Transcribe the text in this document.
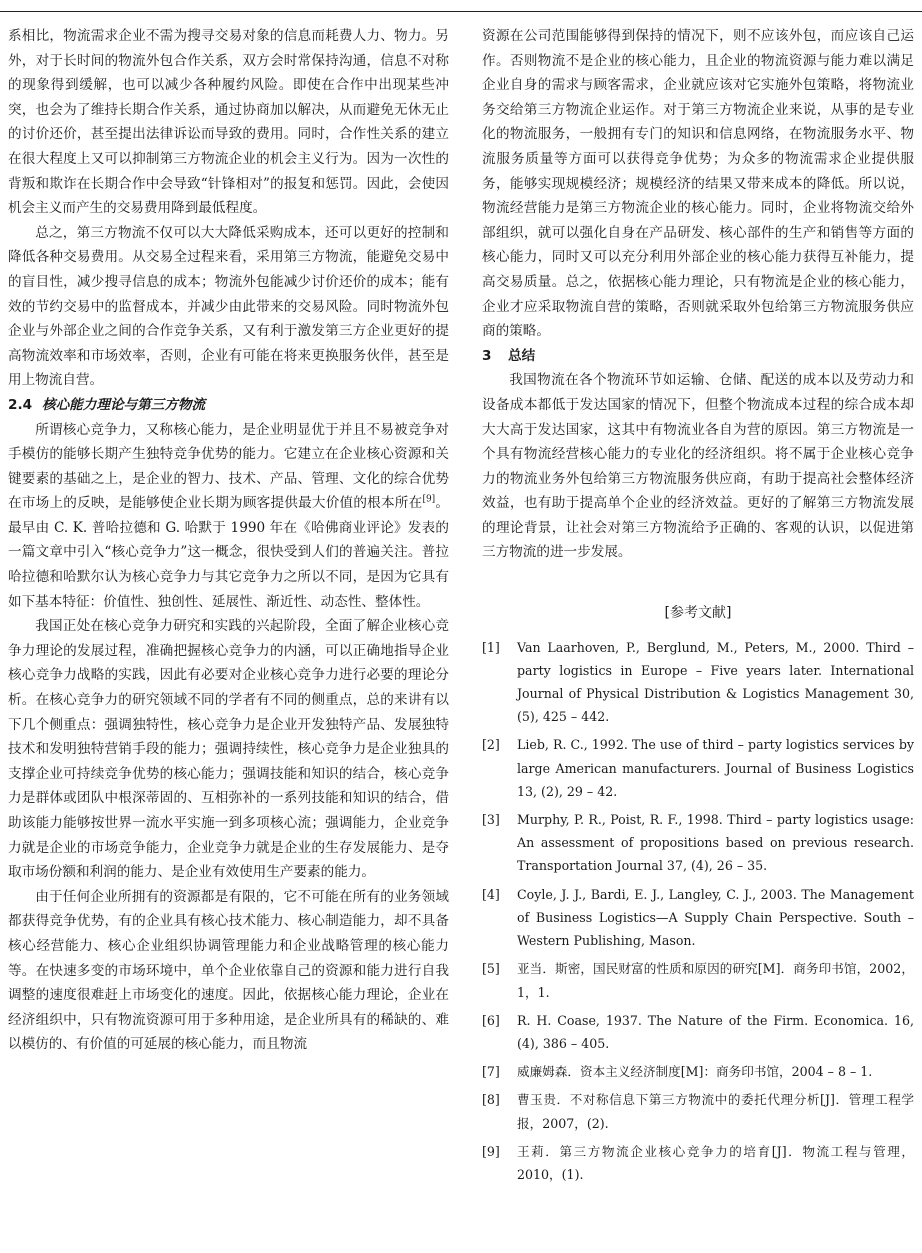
系相比，物流需求企业不需为搜寻交易对象的信息而耗费人力、物力。另外，对于长时间的物流外包合作关系，双方会时常保持沟通，信息不对称的现象得到缓解，也可以减少各种履约风险。即使在合作中出现某些冲突，也会为了维持长期合作关系，通过协商加以解决，从而避免无休无止的讨价还价，甚至提出法律诉讼而导致的费用。同时，合作性关系的建立在很大程度上又可以抑制第三方物流企业的机会主义行为。因为一次性的背叛和欺诈在长期合作中会导致“针锋相对”的报复和惩罚。因此，会使因机会主义而产生的交易费用降到最低程度。

总之，第三方物流不仅可以大大降低采购成本，还可以更好的控制和降低各种交易费用。从交易全过程来看，采用第三方物流，能避免交易中的盲目性，减少搜寻信息的成本；物流外包能减少讨价还价的成本；能有效的节约交易中的监督成本，并减少由此带来的交易风险。同时物流外包企业与外部企业之间的合作竞争关系，又有利于激发第三方企业更好的提高物流效率和市场效率，否则，企业有可能在将来更换服务伙伴，甚至是用上物流自营。

2.4 核心能力理论与第三方物流

所谓核心竞争力，又称核心能力，是企业明显优于并且不易被竞争对手模仿的能够长期产生独特竞争优势的能力。它建立在企业核心资源和关键要素的基础之上，是企业的智力、技术、产品、管理、文化的综合优势在市场上的反映，是能够使企业长期为顾客提供最大价值的根本所在[9]。最早由 C. K. 普哈拉德和 G. 哈默于 1990 年在《哈佛商业评论》发表的一篇文章中引入“核心竞争力”这一概念，很快受到人们的普遍关注。普拉哈拉德和哈默尔认为核心竞争力与其它竞争力之所以不同，是因为它具有如下基本特征：价值性、独创性、延展性、渐近性、动态性、整体性。

我国正处在核心竞争力研究和实践的兴起阶段，全面了解企业核心竞争力理论的发展过程，准确把握核心竞争力的内涵，可以正确地指导企业核心竞争力战略的实践，因此有必要对企业核心竞争力进行必要的理论分析。在核心竞争力的研究领域不同的学者有不同的侧重点，总的来讲有以下几个侧重点：强调独特性，核心竞争力是企业开发独特产品、发展独特技术和发明独特营销手段的能力；强调持续性，核心竞争力是企业独具的支撑企业可持续竞争优势的核心能力；强调技能和知识的结合，核心竞争力是群体或团队中根深蒂固的、互相弥补的一系列技能和知识的结合，借助该能力能够按世界一流水平实施一到多项核心流；强调能力，企业竞争力就是企业的市场竞争能力，企业竞争力就是企业的生存发展能力、是夺取市场份额和利润的能力、是企业有效使用生产要素的能力。

由于任何企业所拥有的资源都是有限的，它不可能在所有的业务领域都获得竞争优势，有的企业具有核心技术能力、核心制造能力，却不具备核心经营能力、核心企业组织协调管理能力和企业战略管理的核心能力等。在快速多变的市场环境中，单个企业依靠自己的资源和能力进行自我调整的速度很难赶上市场变化的速度。因此，依据核心能力理论，企业在经济组织中，只有物流资源可用于多种用途，是企业所具有的稀缺的、难以模仿的、有价值的可延展的核心能力，而且物流

资源在公司范围能够得到保持的情况下，则不应该外包，而应该自己运作。否则物流不是企业的核心能力，且企业的物流资源与能力难以满足企业自身的需求与顾客需求，企业就应该对它实施外包策略，将物流业务交给第三方物流企业运作。对于第三方物流企业来说，从事的是专业化的物流服务，一般拥有专门的知识和信息网络，在物流服务水平、物流服务质量等方面可以获得竞争优势；为众多的物流需求企业提供服务，能够实现规模经济；规模经济的结果又带来成本的降低。所以说，物流经营能力是第三方物流企业的核心能力。同时，企业将物流交给外部组织，就可以强化自身在产品研发、核心部件的生产和销售等方面的核心能力，同时又可以充分利用外部企业的核心能力获得互补能力，提高交易质量。总之，依据核心能力理论，只有物流是企业的核心能力，企业才应采取物流自营的策略，否则就采取外包给第三方物流服务供应商的策略。

3 总结

我国物流在各个物流环节如运输、仓储、配送的成本以及劳动力和设备成本都低于发达国家的情况下，但整个物流成本过程的综合成本却大大高于发达国家，这其中有物流业各自为营的原因。第三方物流是一个具有物流经营核心能力的专业化的经济组织。将不属于企业核心竞争力的物流业务外包给第三方物流服务供应商，有助于提高社会整体经济效益，也有助于提高单个企业的经济效益。更好的了解第三方物流发展的理论背景，让社会对第三方物流给予正确的、客观的认识，以促进第三方物流的进一步发展。

[参考文献]
[1] Van Laarhoven, P., Berglund, M., Peters, M., 2000. Third – party logistics in Europe – Five years later. International Journal of Physical Distribution & Logistics Management 30, (5), 425 – 442.
[2] Lieb, R. C., 1992. The use of third – party logistics services by large American manufacturers. Journal of Business Logistics 13, (2), 29 – 42.
[3] Murphy, P. R., Poist, R. F., 1998. Third – party logistics usage: An assessment of propositions based on previous research. Transportation Journal 37, (4), 26 – 35.
[4] Coyle, J. J., Bardi, E. J., Langley, C. J., 2003. The Management of Business Logistics—A Supply Chain Perspective. South – Western Publishing, Mason.
[5] 亚当．斯密，国民财富的性质和原因的研究[M]．商务印书馆，2002，1，1.
[6] R. H. Coase, 1937. The Nature of the Firm. Economica. 16, (4), 386 – 405.
[7] 威廉姆森．资本主义经济制度[M]：商务印书馆，2004 – 8 – 1.
[8] 曹玉贵．不对称信息下第三方物流中的委托代理分析[J]．管理工程学报，2007，(2).
[9] 王莉．第三方物流企业核心竞争力的培育[J]．物流工程与管理，2010，(1).
